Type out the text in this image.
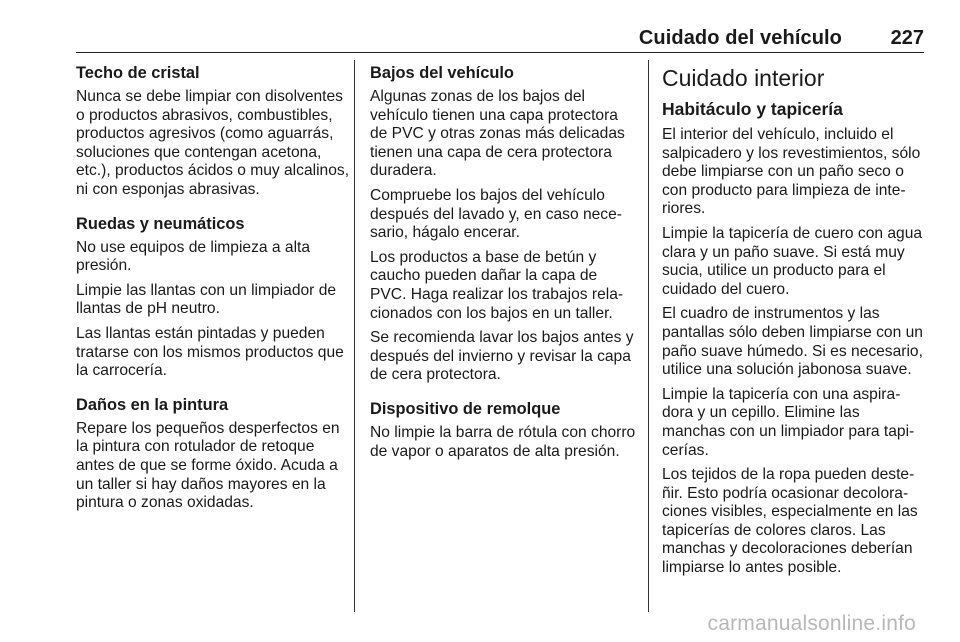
Cuidado del vehículo 227
Techo de cristal

Nunca se debe limpiar con disolventes o productos abrasivos, combustibles, productos agresivos (como aguarrás, soluciones que contengan acetona, etc.), productos ácidos o muy alcalinos, ni con esponjas abrasivas.

Ruedas y neumáticos

No use equipos de limpieza a alta presión.

Limpie las llantas con un limpiador de llantas de pH neutro.

Las llantas están pintadas y pueden tratarse con los mismos productos que la carrocería.

Daños en la pintura

Repare los pequeños desperfectos en la pintura con rotulador de retoque antes de que se forme óxido. Acuda a un taller si hay daños mayores en la pintura o zonas oxidadas.

Bajos del vehículo

Algunas zonas de los bajos del vehículo tienen una capa protectora de PVC y otras zonas más delicadas tienen una capa de cera protectora duradera.

Compruebe los bajos del vehículo después del lavado y, en caso necesario, hágalo encerar.

Los productos a base de betún y caucho pueden dañar la capa de PVC. Haga realizar los trabajos relacionados con los bajos en un taller.

Se recomienda lavar los bajos antes y después del invierno y revisar la capa de cera protectora.

Dispositivo de remolque

No limpie la barra de rótula con chorro de vapor o aparatos de alta presión.

Cuidado interior
Habitáculo y tapicería

El interior del vehículo, incluido el salpicadero y los revestimientos, sólo debe limpiarse con un paño seco o con producto para limpieza de interiores.

Limpie la tapicería de cuero con agua clara y un paño suave. Si está muy sucia, utilice un producto para el cuidado del cuero.

El cuadro de instrumentos y las pantallas sólo deben limpiarse con un paño suave húmedo. Si es necesario, utilice una solución jabonosa suave.

Limpie la tapicería con una aspiradora y un cepillo. Elimine las manchas con un limpiador para tapicerías.

Los tejidos de la ropa pueden desteñir. Esto podría ocasionar decoloraciones visibles, especialmente en las tapicerías de colores claros. Las manchas y decoloraciones deberían limpiarse lo antes posible.

carmanualsonline.info
